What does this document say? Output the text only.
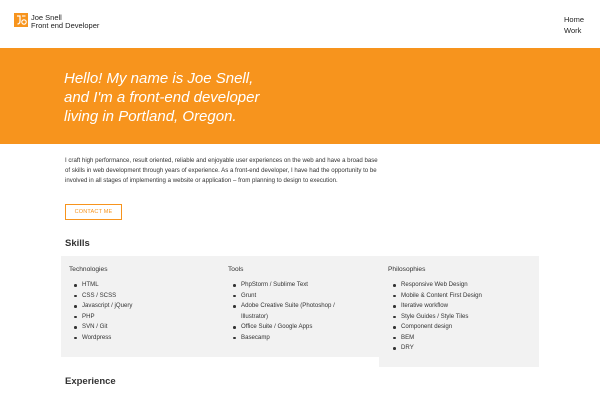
Joe Snell
Front end Developer
Home
Work
Hello! My name is Joe Snell,
and I'm a front-end developer
living in Portland, Oregon.

I craft high performance, result oriented, reliable and enjoyable user experiences on the web and have a broad base of skills in web development through years of experience. As a front-end developer, I have had the opportunity to be involved in all stages of implementing a website or application – from planning to design to execution.

CONTACT ME
Skills
Technologies
HTML
CSS / SCSS
Javascript / jQuery
PHP
SVN / Git
Wordpress
Tools
PhpStorm / Sublime Text
Grunt
Adobe Creative Suite (Photoshop / Illustrator)
Office Suite / Google Apps
Basecamp
Philosophies
Responsive Web Design
Mobile & Content First Design
Iterative workflow
Style Guides / Style Tiles
Component design
BEM
DRY
Experience
